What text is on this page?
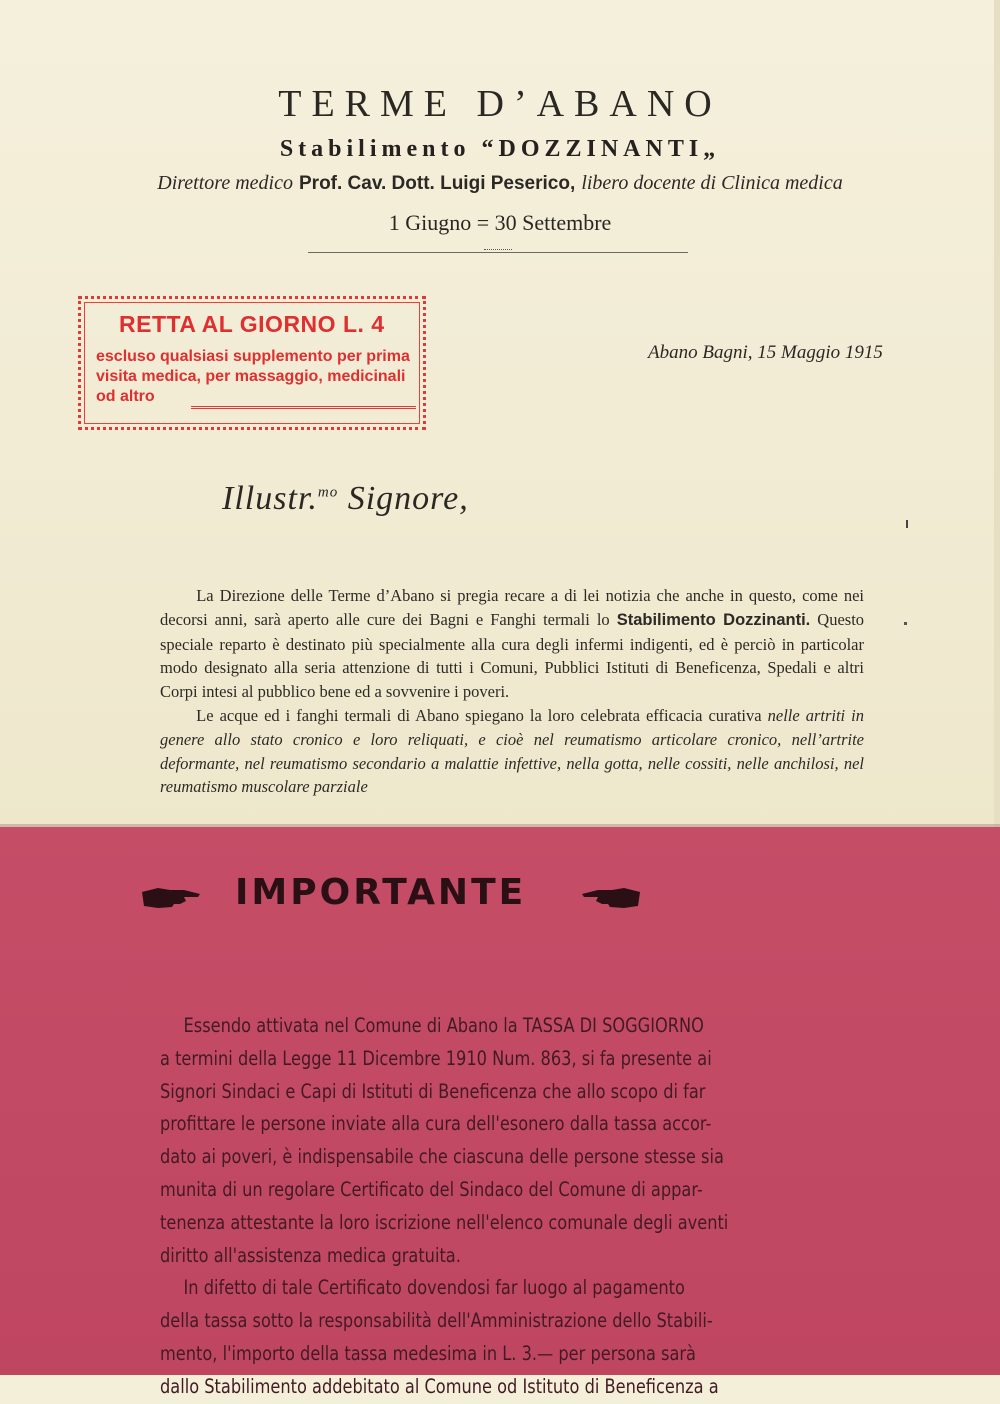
TERME D’ABANO
Stabilimento “DOZZINANTI„
Direttore medico Prof. Cav. Dott. Luigi Peserico, libero docente di Clinica medica
1 Giugno = 30 Settembre
RETTA AL GIORNO L. 4
escluso qualsiasi supplemento per prima visita medica, per massaggio, medicinali od altro
Abano Bagni, 15 Maggio 1915
Illustr.$^{mo}$ Signore,

La Direzione delle Terme d’Abano si pregia recare a di lei notizia che anche in questo, come nei decorsi anni, sarà aperto alle cure dei Bagni e Fanghi termali lo Stabilimento Dozzinanti. Questo speciale reparto è destinato più specialmente alla cura degli infermi indigenti, ed è perciò in particolar modo designato alla seria attenzione di tutti i Comuni, Pubblici Istituti di Beneficenza, Spedali e altri Corpi intesi al pubblico bene ed a sovvenire i poveri.

Le acque ed i fanghi termali di Abano spiegano la loro celebrata efficacia curativa nelle artriti in genere allo stato cronico e loro reliquati, e cioè nel reumatismo articolare cronico, nell’artrite deformante, nel reumatismo secondario a malattie infettive, nella gotta, nelle cossiti, nelle anchilosi, nel reumatismo muscolare parziale

IMPORTANTE
Essendo attivata nel Comune di Abano la TASSA DI SOGGIORNO
a termini della Legge 11 Dicembre 1910 Num. 863, si fa presente ai
Signori Sindaci e Capi di Istituti di Beneficenza che allo scopo di far
profittare le persone inviate alla cura dell'esonero dalla tassa accor-
dato ai poveri, è indispensabile che ciascuna delle persone stesse sia
munita di un regolare Certificato del Sindaco del Comune di appar-
tenenza attestante la loro iscrizione nell'elenco comunale degli aventi
diritto all'assistenza medica gratuita.
In difetto di tale Certificato dovendosi far luogo al pagamento
della tassa sotto la responsabilità dell'Amministrazione dello Stabili-
mento, l'importo della tassa medesima in L. 3.— per persona sarà
dallo Stabilimento addebitato al Comune od Istituto di Beneficenza a
